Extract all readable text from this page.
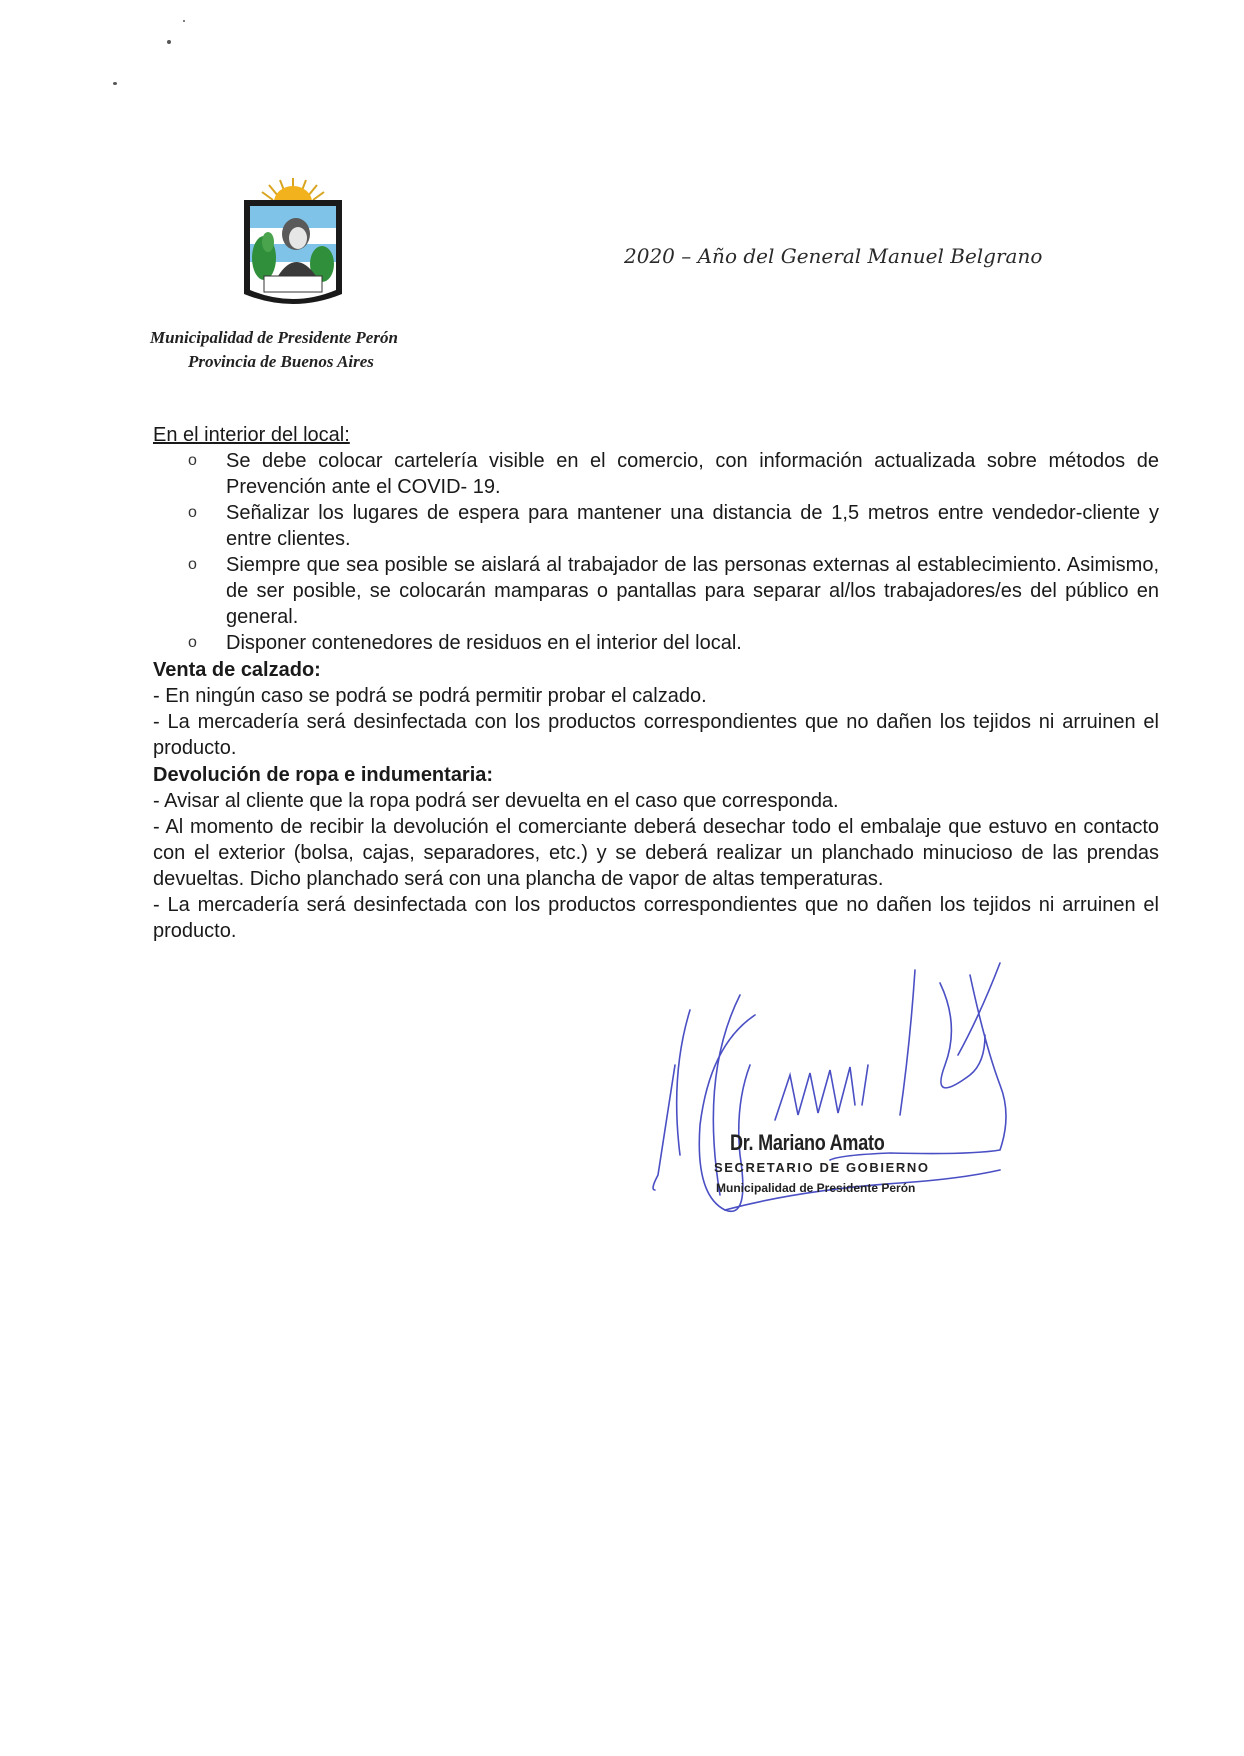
2020 – Año del General Manuel Belgrano
Municipalidad de Presidente Perón
Provincia de Buenos Aires
En el interior del local:
o Se debe colocar cartelería visible en el comercio, con información actualizada sobre métodos de Prevención ante el COVID- 19.
o Señalizar los lugares de espera para mantener una distancia de 1,5 metros entre vendedor-cliente y entre clientes.
o Siempre que sea posible se aislará al trabajador de las personas externas al establecimiento. Asimismo, de ser posible, se colocarán mamparas o pantallas para separar al/los trabajadores/es del público en general.
o Disponer contenedores de residuos en el interior del local.
Venta de calzado:
- En ningún caso se podrá se podrá permitir probar el calzado.
- La mercadería será desinfectada con los productos correspondientes que no dañen los tejidos ni arruinen el producto.
Devolución de ropa e indumentaria:
- Avisar al cliente que la ropa podrá ser devuelta en el caso que corresponda.
- Al momento de recibir la devolución el comerciante deberá desechar todo el embalaje que estuvo en contacto con el exterior (bolsa, cajas, separadores, etc.) y se deberá realizar un planchado minucioso de las prendas devueltas. Dicho planchado será con una plancha de vapor de altas temperaturas.
- La mercadería será desinfectada con los productos correspondientes que no dañen los tejidos ni arruinen el producto.
Dr. Mariano Amato
SECRETARIO DE GOBIERNO
Municipalidad de Presidente Perón
